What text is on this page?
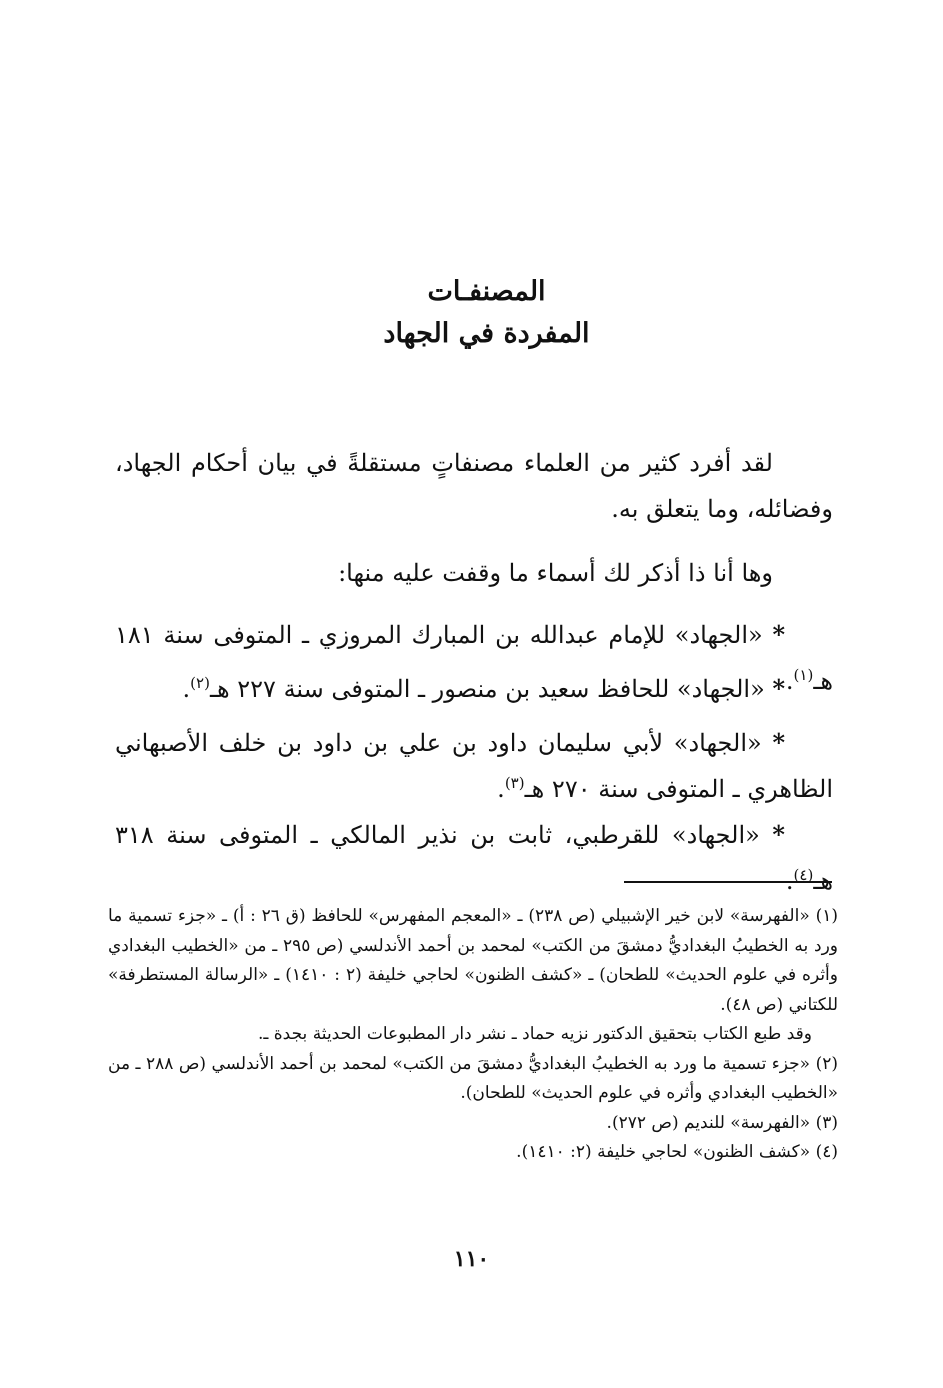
المصنفـات
المفردة في الجهاد

لقد أفرد كثير من العلماء مصنفاتٍ مستقلةً في بيان أحكام الجهاد، وفضائله، وما يتعلق به.

وها أنا ذا أذكر لك أسماء ما وقفت عليه منها:

* «الجهاد» للإمام عبدالله بن المبارك المروزي ـ المتوفى سنة ١٨١ هـ$^{(١)}$.

* «الجهاد» للحافظ سعيد بن منصور ـ المتوفى سنة ٢٢٧ هـ$^{(٢)}$.

* «الجهاد» لأبي سليمان داود بن علي بن داود بن خلف الأصبهاني الظاهري ـ المتوفى سنة ٢٧٠ هـ$^{(٣)}$.

* «الجهاد» للقرطبي، ثابت بن نذير المالكي ـ المتوفى سنة ٣١٨ هـ$^{(٤)}$.

(١) «الفهرسة» لابن خير الإشبيلي (ص ٢٣٨) ـ «المعجم المفهرس» للحافظ (ق ٢٦ : أ) ـ «جزء تسمية ما ورد به الخطيبُ البغداديُّ دمشقَ من الكتب» لمحمد بن أحمد الأندلسي (ص ٢٩٥ ـ من «الخطيب البغدادي وأثره في علوم الحديث» للطحان) ـ «كشف الظنون» لحاجي خليفة (٢ : ١٤١٠) ـ «الرسالة المستطرفة» للكتاني (ص ٤٨).

وقد طبع الكتاب بتحقيق الدكتور نزيه حماد ـ نشر دار المطبوعات الحديثة بجدة ـ.

(٢) «جزء تسمية ما ورد به الخطيبُ البغداديُّ دمشقَ من الكتب» لمحمد بن أحمد الأندلسي (ص ٢٨٨ ـ من «الخطيب البغدادي وأثره في علوم الحديث» للطحان).

(٣) «الفهرسة» للنديم (ص ٢٧٢).

(٤) «كشف الظنون» لحاجي خليفة (٢: ١٤١٠).

١١٠
